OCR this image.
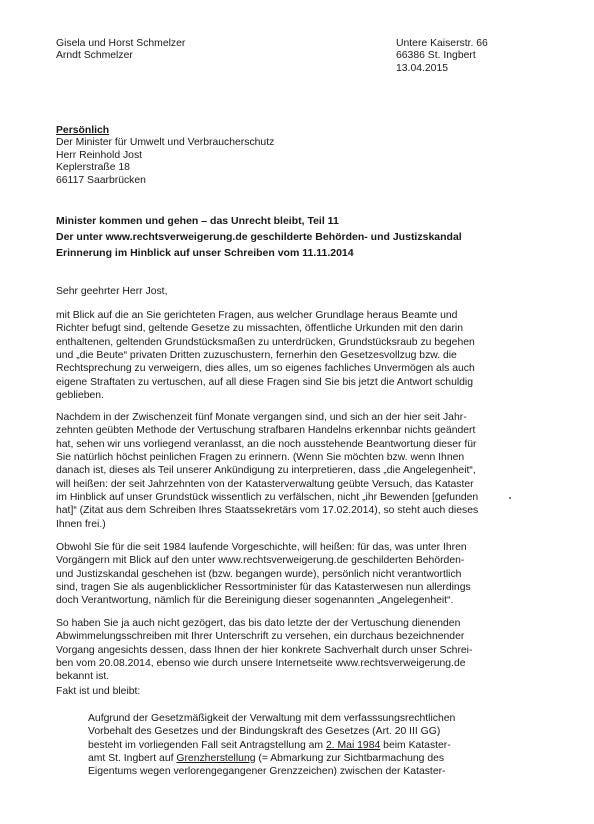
Gisela und Horst Schmelzer
Arndt Schmelzer
Untere Kaiserstr. 66
66386 St. Ingbert
13.04.2015
Persönlich
Der Minister für Umwelt und Verbraucherschutz
Herr Reinhold Jost
Keplerstraße 18
66117 Saarbrücken
Minister kommen und gehen – das Unrecht bleibt, Teil 11
Der unter www.rechtsverweigerung.de geschilderte Behörden- und Justizskandal
Erinnerung im Hinblick auf unser Schreiben vom 11.11.2014
Sehr geehrter Herr Jost,
mit Blick auf die an Sie gerichteten Fragen, aus welcher Grundlage heraus Beamte und
Richter befugt sind, geltende Gesetze zu missachten, öffentliche Urkunden mit den darin
enthaltenen, geltenden Grundstücksmaßen zu unterdrücken, Grundstücksraub zu begehen
und „die Beute“ privaten Dritten zuzuschustern, fernerhin den Gesetzesvollzug bzw. die
Rechtsprechung zu verweigern, dies alles, um so eigenes fachliches Unvermögen als auch
eigene Straftaten zu vertuschen, auf all diese Fragen sind Sie bis jetzt die Antwort schuldig
geblieben.
Nachdem in der Zwischenzeit fünf Monate vergangen sind, und sich an der hier seit Jahr-
zehnten geübten Methode der Vertuschung strafbaren Handelns erkennbar nichts geändert
hat, sehen wir uns vorliegend veranlasst, an die noch ausstehende Beantwortung dieser für
Sie natürlich höchst peinlichen Fragen zu erinnern. (Wenn Sie möchten bzw. wenn Ihnen
danach ist, dieses als Teil unserer Ankündigung zu interpretieren, dass „die Angelegenheit“,
will heißen: der seit Jahrzehnten von der Katasterverwaltung geübte Versuch, das Kataster
im Hinblick auf unser Grundstück wissentlich zu verfälschen, nicht „ihr Bewenden [gefunden
hat]“ (Zitat aus dem Schreiben Ihres Staatssekretärs vom 17.02.2014), so steht auch dieses
Ihnen frei.)
Obwohl Sie für die seit 1984 laufende Vorgeschichte, will heißen: für das, was unter Ihren
Vorgängern mit Blick auf den unter www.rechtsverweigerung.de geschilderten Behörden-
und Justizskandal geschehen ist (bzw. begangen wurde), persönlich nicht verantwortlich
sind, tragen Sie als augenblicklicher Ressortminister für das Katasterwesen nun allerdings
doch Verantwortung, nämlich für die Bereinigung dieser sogenannten „Angelegenheit“.
So haben Sie ja auch nicht gezögert, das bis dato letzte der der Vertuschung dienenden
Abwimmelungsschreiben mit Ihrer Unterschrift zu versehen, ein durchaus bezeichnender
Vorgang angesichts dessen, dass Ihnen der hier konkrete Sachverhalt durch unser Schrei-
ben vom 20.08.2014, ebenso wie durch unsere Internetseite www.rechtsverweigerung.de
bekannt ist.
Fakt ist und bleibt:
Aufgrund der Gesetzmäßigkeit der Verwaltung mit dem verfasssungsrechtlichen
Vorbehalt des Gesetzes und der Bindungskraft des Gesetzes (Art. 20 III GG)
besteht im vorliegenden Fall seit Antragstellung am 2. Mai 1984 beim Kataster-
amt St. Ingbert auf Grenzherstellung (= Abmarkung zur Sichtbarmachung des
Eigentums wegen verlorengegangener Grenzzeichen) zwischen der Kataster-
